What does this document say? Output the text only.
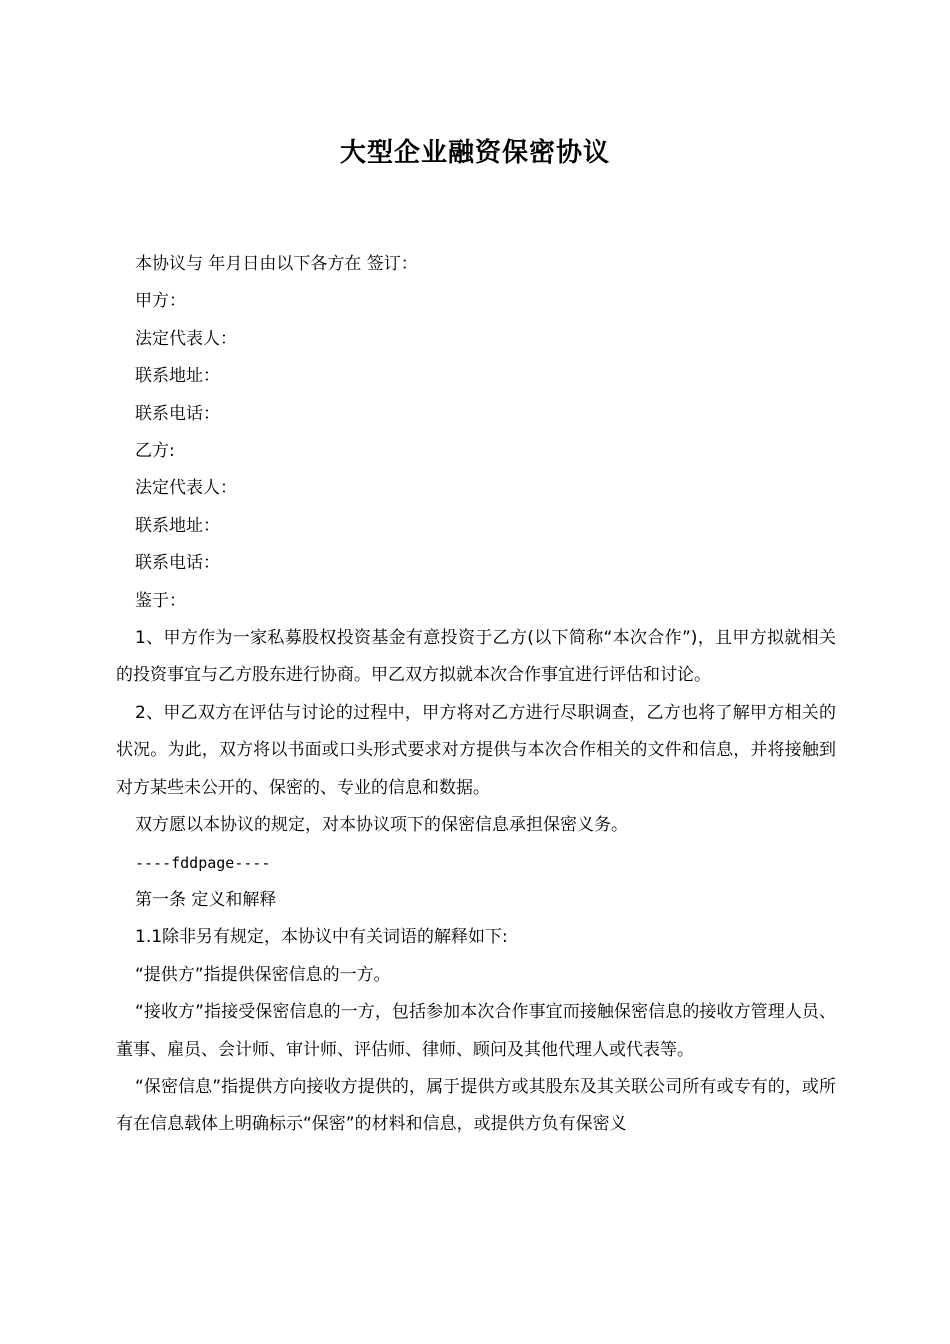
大型企业融资保密协议

本协议与 年月日由以下各方在 签订：

甲方：

法定代表人：

联系地址：

联系电话：

乙方:

法定代表人：

联系地址：

联系电话：

鉴于：

1、甲方作为一家私募股权投资基金有意投资于乙方(以下简称“本次合作”)，且甲方拟就相关的投资事宜与乙方股东进行协商。甲乙双方拟就本次合作事宜进行评估和讨论。

2、甲乙双方在评估与讨论的过程中，甲方将对乙方进行尽职调查，乙方也将了解甲方相关的状况。为此，双方将以书面或口头形式要求对方提供与本次合作相关的文件和信息，并将接触到对方某些未公开的、保密的、专业的信息和数据。

双方愿以本协议的规定，对本协议项下的保密信息承担保密义务。

----fddpage----

第一条 定义和解释

1.1除非另有规定，本协议中有关词语的解释如下:

“提供方”指提供保密信息的一方。

“接收方”指接受保密信息的一方，包括参加本次合作事宜而接触保密信息的接收方管理人员、董事、雇员、会计师、审计师、评估师、律师、顾问及其他代理人或代表等。

“保密信息”指提供方向接收方提供的，属于提供方或其股东及其关联公司所有或专有的，或所有在信息载体上明确标示“保密”的材料和信息，或提供方负有保密义
